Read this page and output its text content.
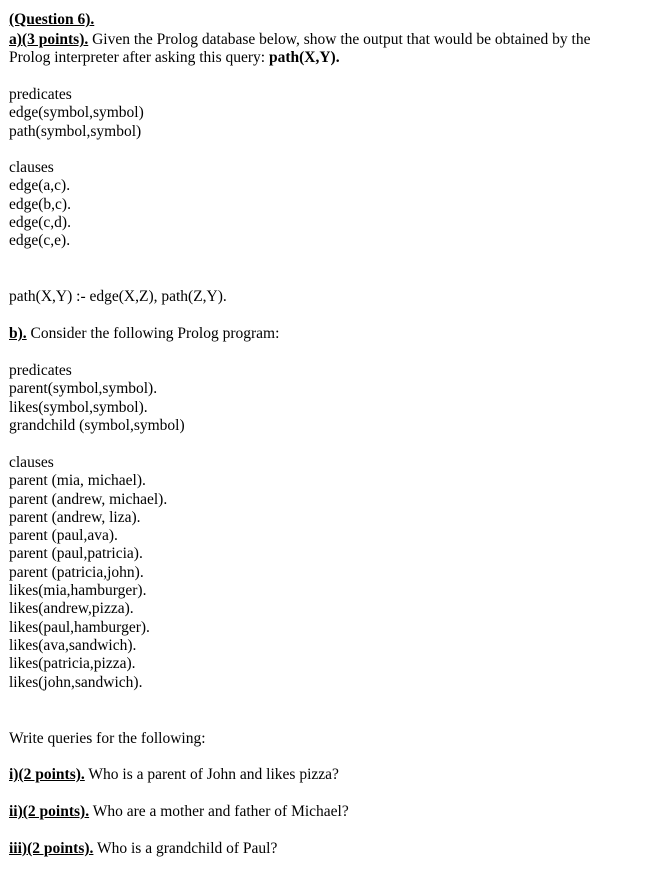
(Question 6).
a)(3 points). Given the Prolog database below, show the output that would be obtained by the
Prolog interpreter after asking this query: path(X,Y).
predicates
edge(symbol,symbol)
path(symbol,symbol)
clauses
edge(a,c).
edge(b,c).
edge(c,d).
edge(c,e).
path(X,Y) :- edge(X,Z), path(Z,Y).
b). Consider the following Prolog program:
predicates
parent(symbol,symbol).
likes(symbol,symbol).
grandchild (symbol,symbol)
clauses
parent (mia, michael).
parent (andrew, michael).
parent (andrew, liza).
parent (paul,ava).
parent (paul,patricia).
parent (patricia,john).
likes(mia,hamburger).
likes(andrew,pizza).
likes(paul,hamburger).
likes(ava,sandwich).
likes(patricia,pizza).
likes(john,sandwich).
Write queries for the following:
i)(2 points). Who is a parent of John and likes pizza?
ii)(2 points). Who are a mother and father of Michael?
iii)(2 points). Who is a grandchild of Paul?
